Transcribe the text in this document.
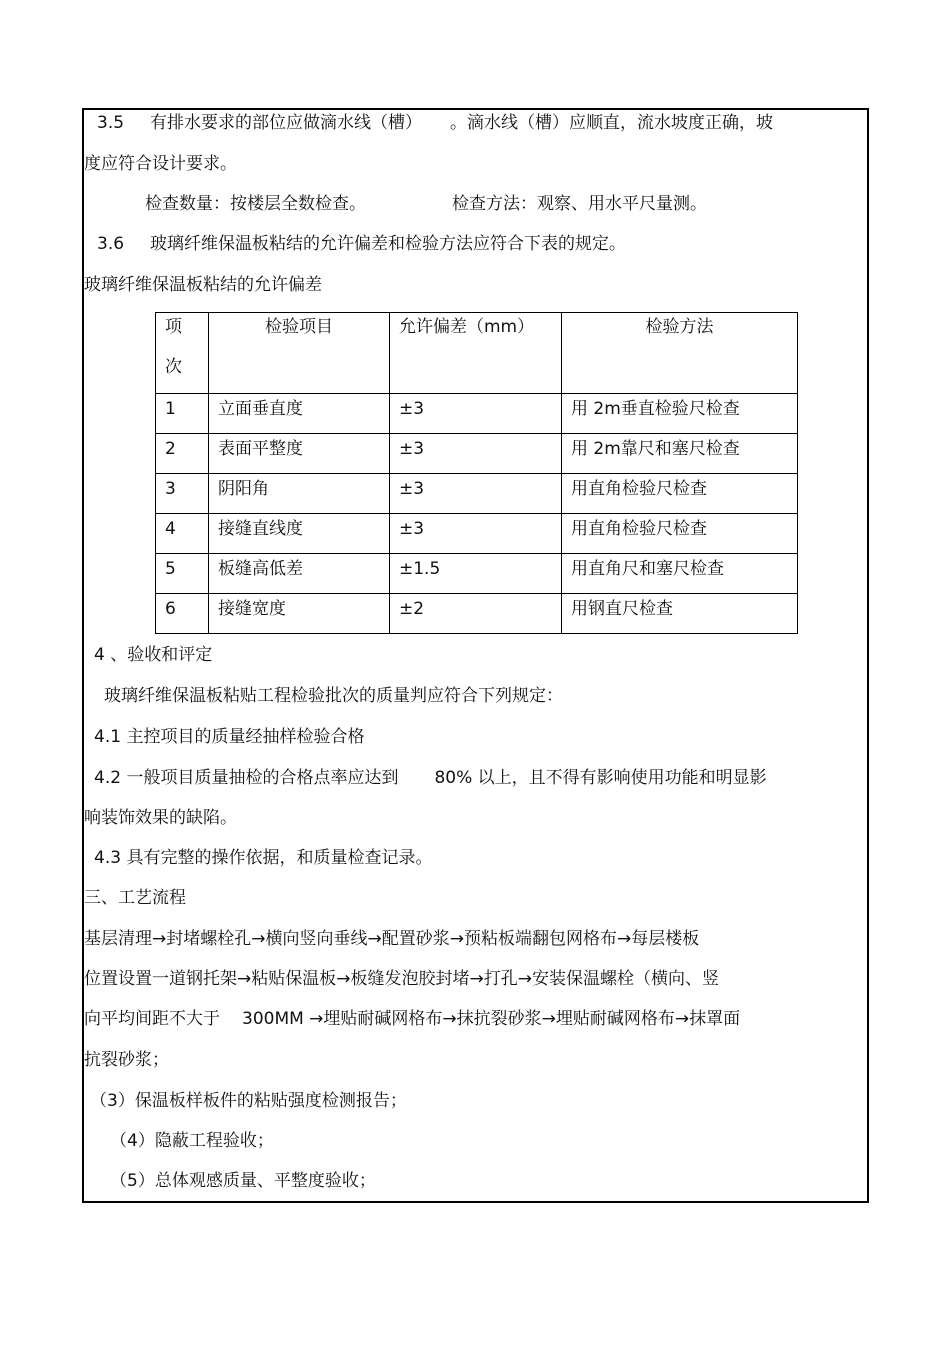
3.5 有排水要求的部位应做滴水线（槽） 。滴水线（槽）应顺直，流水坡度正确，坡
度应符合设计要求。
检查数量：按楼层全数检查。	检查方法：观察、用水平尺量测。
3.6 玻璃纤维保温板粘结的允许偏差和检验方法应符合下表的规定。
玻璃纤维保温板粘结的允许偏差
项
次	检验项目	允许偏差（mm）	检验方法
1	立面垂直度	±3	用 2m垂直检验尺检查
2	表面平整度	±3	用 2m靠尺和塞尺检查
3	阴阳角	±3	用直角检验尺检查
4	接缝直线度	±3	用直角检验尺检查
5	板缝高低差	±1.5	用直角尺和塞尺检查
6	接缝宽度	±2	用钢直尺检查
4 、验收和评定
玻璃纤维保温板粘贴工程检验批次的质量判应符合下列规定：
4.1 主控项目的质量经抽样检验合格
4.2 一般项目质量抽检的合格点率应达到 80% 以上，且不得有影响使用功能和明显影
响装饰效果的缺陷。
4.3 具有完整的操作依据，和质量检查记录。
三、工艺流程
基层清理→封堵螺栓孔→横向竖向垂线→配置砂浆→预粘板端翻包网格布→每层楼板
位置设置一道钢托架→粘贴保温板→板缝发泡胶封堵→打孔→安装保温螺栓（横向、竖
向平均间距不大于 300MM →埋贴耐碱网格布→抹抗裂砂浆→埋贴耐碱网格布→抹罩面
抗裂砂浆；
（3）保温板样板件的粘贴强度检测报告；
（4）隐蔽工程验收；
（5）总体观感质量、平整度验收；
